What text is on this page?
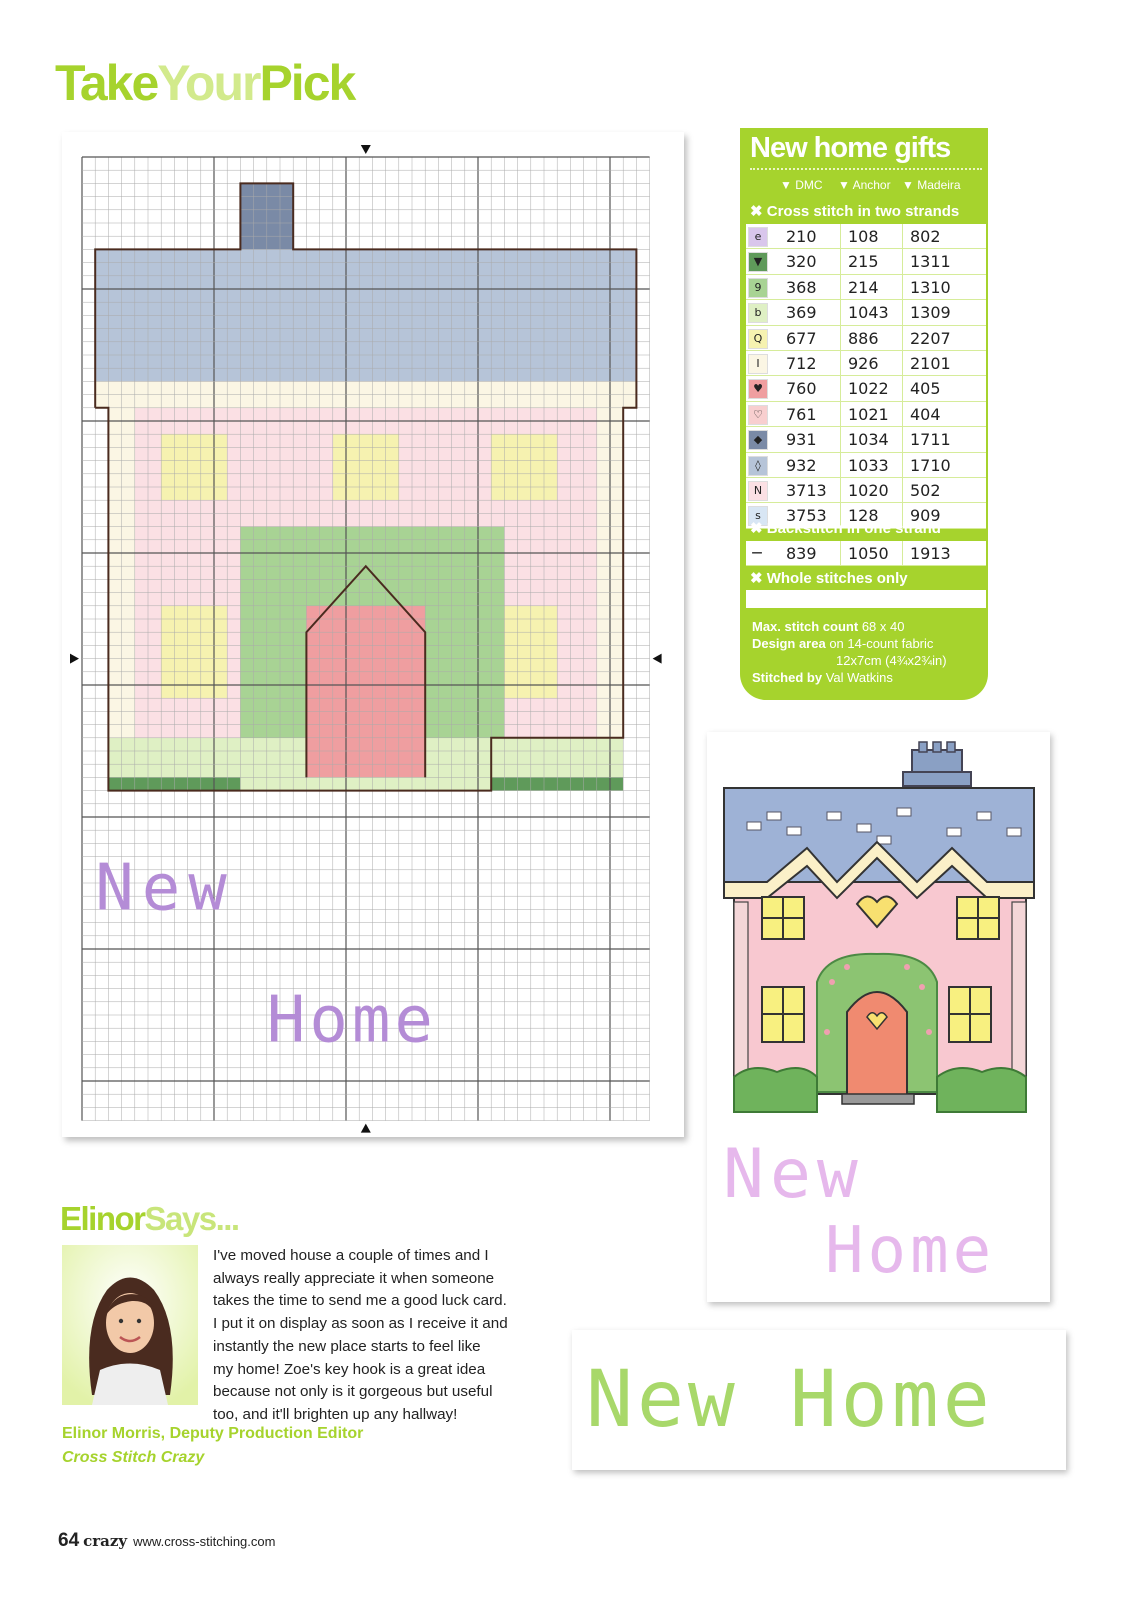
TakeYourPick
New
Home
New home gifts
▼ DMC ▼ Anchor ▼ Madeira
✖ Cross stitch in two strands
e	210 108 802
▼	320 215 1311
9	368 214 1310
b	369 1043 1309
Q	677 886 2207
I	712 926 2101
♥	760 1022 405
♡	761 1021 404
◆	931 1034 1711
◊	932 1033 1710
N	3713 1020 502
s	3753 128 909
✖ Backstitch in one strand
— 839 1050 1913
✖ Whole stitches only
Max. stitch count 68 x 40
Design area on 14-count fabric
12x7cm (4¾x2¾in)
Stitched by Val Watkins
New
Home
New Home
ElinorSays...
I've moved house a couple of times and I
always really appreciate it when someone
takes the time to send me a good luck card.
I put it on display as soon as I receive it and
instantly the new place starts to feel like
my home! Zoe's key hook is a great idea
because not only is it gorgeous but useful
too, and it'll brighten up any hallway!
Elinor Morris, Deputy Production Editor
Cross Stitch Crazy
64 crazy www.cross-stitching.com
